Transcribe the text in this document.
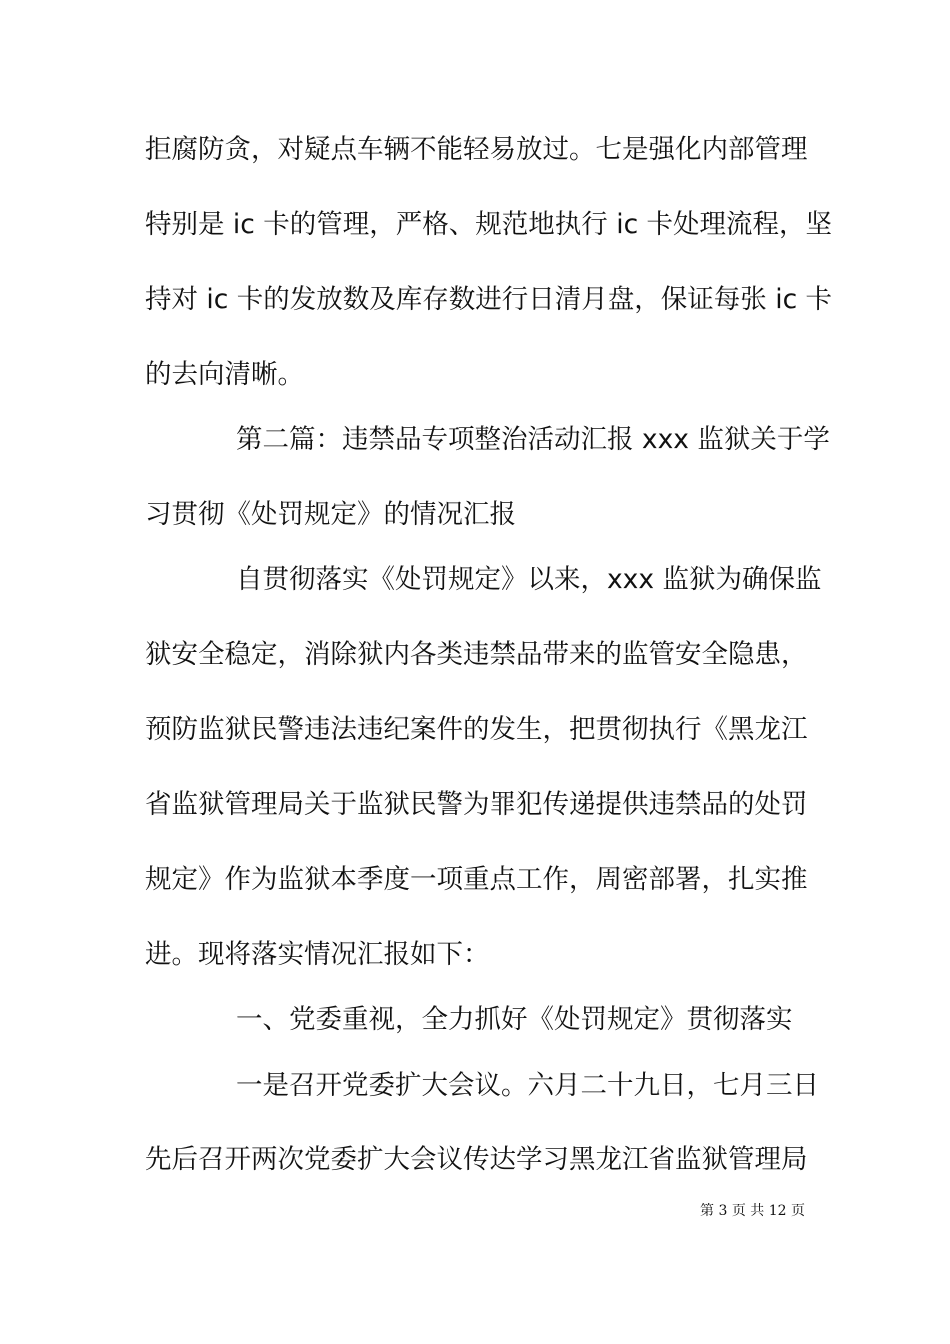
拒腐防贪，对疑点车辆不能轻易放过。七是强化内部管理
特别是 ic 卡的管理，严格、规范地执行 ic 卡处理流程，坚
持对 ic 卡的发放数及库存数进行日清月盘，保证每张 ic 卡
的去向清晰。
第二篇：违禁品专项整治活动汇报 xxx 监狱关于学
习贯彻《处罚规定》的情况汇报
自贯彻落实《处罚规定》以来，xxx 监狱为确保监
狱安全稳定，消除狱内各类违禁品带来的监管安全隐患，
预防监狱民警违法违纪案件的发生，把贯彻执行《黑龙江
省监狱管理局关于监狱民警为罪犯传递提供违禁品的处罚
规定》作为监狱本季度一项重点工作，周密部署，扎实推
进。现将落实情况汇报如下：
一、党委重视，全力抓好《处罚规定》贯彻落实
一是召开党委扩大会议。六月二十九日，七月三日
先后召开两次党委扩大会议传达学习黑龙江省监狱管理局
第 3 页 共 12 页
